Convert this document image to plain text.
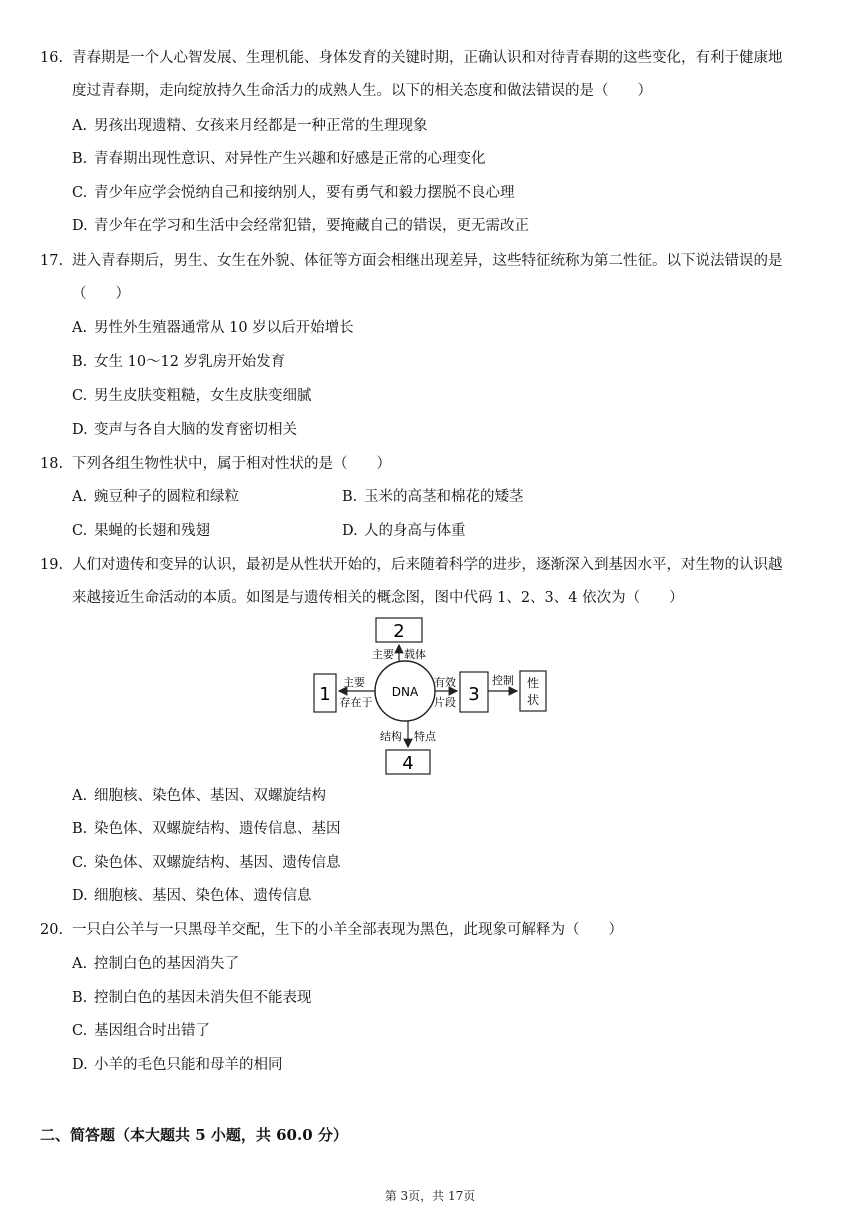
16. 青春期是一个人心智发展、生理机能、身体发育的关键时期，正确认识和对待青春期的这些变化，有利于健康地
度过青春期，走向绽放持久生命活力的成熟人生。以下的相关态度和做法错误的是（　　）
A. 男孩出现遗精、女孩来月经都是一种正常的生理现象
B. 青春期出现性意识、对异性产生兴趣和好感是正常的心理变化
C. 青少年应学会悦纳自己和接纳别人，要有勇气和毅力摆脱不良心理
D. 青少年在学习和生活中会经常犯错，要掩藏自己的错误，更无需改正
17. 进入青春期后，男生、女生在外貌、体征等方面会相继出现差异，这些特征统称为第二性征。以下说法错误的是
（　　）
A. 男性外生殖器通常从 10 岁以后开始增长
B. 女生 10～12 岁乳房开始发育
C. 男生皮肤变粗糙，女生皮肤变细腻
D. 变声与各自大脑的发育密切相关
18. 下列各组生物性状中，属于相对性状的是（　　）
A. 豌豆种子的圆粒和绿粒	B. 玉米的高茎和棉花的矮茎
C. 果蝇的长翅和残翅	D. 人的身高与体重
19. 人们对遗传和变异的认识，最初是从性状开始的，后来随着科学的进步，逐渐深入到基因水平，对生物的认识越
来越接近生命活动的本质。如图是与遗传相关的概念图，图中代码 1、2、3、4 依次为（　　）
2
1	DNA	3
性
状
4
主要 载体
主要
存在于
有效
片段
控制
结构 特点
A. 细胞核、染色体、基因、双螺旋结构
B. 染色体、双螺旋结构、遗传信息、基因
C. 染色体、双螺旋结构、基因、遗传信息
D. 细胞核、基因、染色体、遗传信息
20. 一只白公羊与一只黑母羊交配，生下的小羊全部表现为黑色，此现象可解释为（　　）
A. 控制白色的基因消失了
B. 控制白色的基因未消失但不能表现
C. 基因组合时出错了
D. 小羊的毛色只能和母羊的相同
二、简答题（本大题共 5 小题，共 60.0 分）
第 3页，共 17页
